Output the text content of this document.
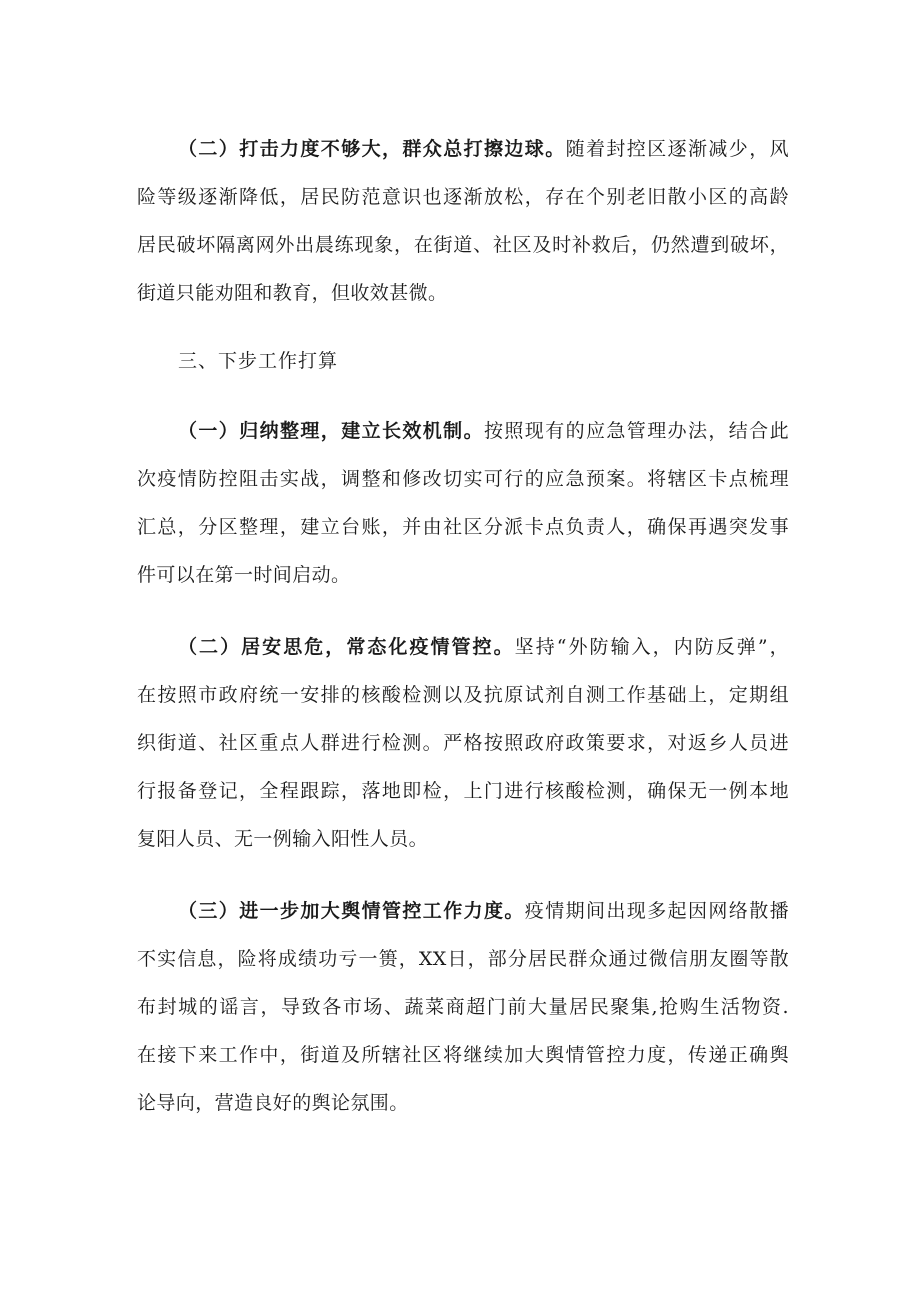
（二）打击力度不够大，群众总打擦边球。随着封控区逐渐减少，风
险等级逐渐降低，居民防范意识也逐渐放松，存在个别老旧散小区的高龄
居民破坏隔离网外出晨练现象，在街道、社区及时补救后，仍然遭到破坏，
街道只能劝阻和教育，但收效甚微。
三、下步工作打算
（一）归纳整理，建立长效机制。按照现有的应急管理办法，结合此
次疫情防控阻击实战，调整和修改切实可行的应急预案。将辖区卡点梳理
汇总，分区整理，建立台账，并由社区分派卡点负责人，确保再遇突发事
件可以在第一时间启动。
（二）居安思危，常态化疫情管控。坚持“外防输入，内防反弹”，
在按照市政府统一安排的核酸检测以及抗原试剂自测工作基础上，定期组
织街道、社区重点人群进行检测。严格按照政府政策要求，对返乡人员进
行报备登记，全程跟踪，落地即检，上门进行核酸检测，确保无一例本地
复阳人员、无一例输入阳性人员。
（三）进一步加大舆情管控工作力度。疫情期间出现多起因网络散播
不实信息，险将成绩功亏一篑，XX日，部分居民群众通过微信朋友圈等散
布封城的谣言，导致各市场、蔬菜商超门前大量居民聚集,抢购生活物资.
在接下来工作中，街道及所辖社区将继续加大舆情管控力度，传递正确舆
论导向，营造良好的舆论氛围。
